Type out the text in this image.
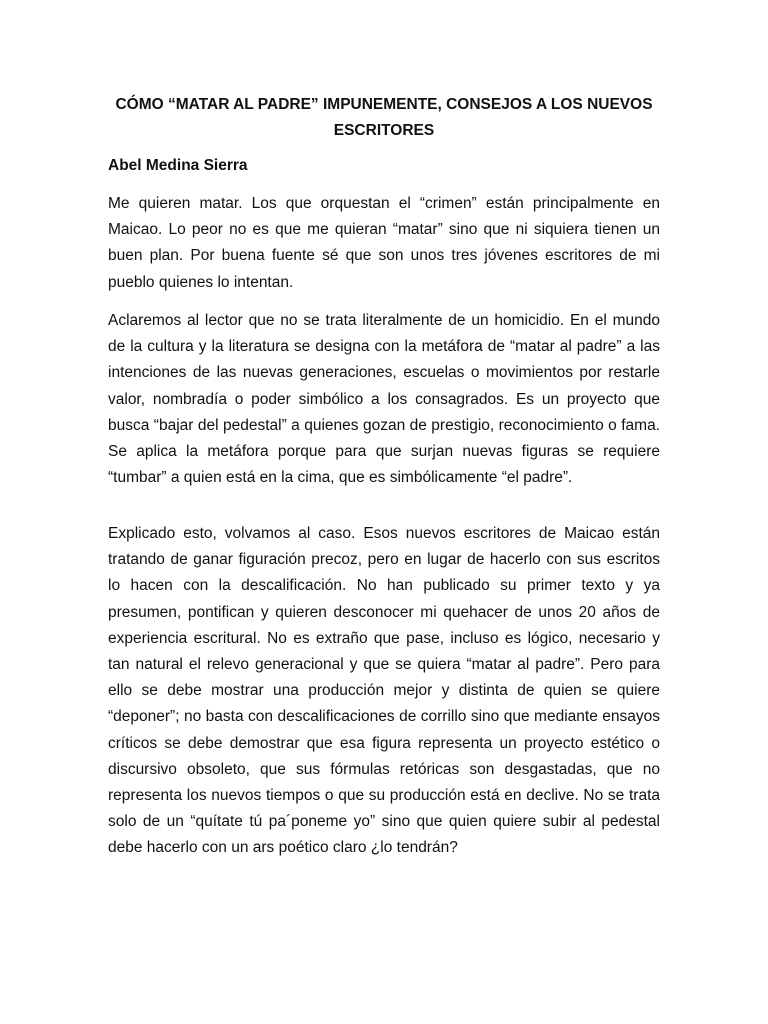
CÓMO “MATAR AL PADRE” IMPUNEMENTE, CONSEJOS A LOS NUEVOS ESCRITORES

Abel Medina Sierra

Me quieren matar. Los que orquestan el “crimen” están principalmente en Maicao. Lo peor no es que me quieran “matar” sino que ni siquiera tienen un buen plan. Por buena fuente sé que son unos tres jóvenes escritores de mi pueblo quienes lo intentan.

Aclaremos al lector que no se trata literalmente de un homicidio. En el mundo de la cultura y la literatura se designa con la metáfora de “matar al padre” a las intenciones de las nuevas generaciones, escuelas o movimientos por restarle valor, nombradía o poder simbólico a los consagrados. Es un proyecto que busca “bajar del pedestal” a quienes gozan de prestigio, reconocimiento o fama. Se aplica la metáfora porque para que surjan nuevas figuras se requiere “tumbar” a quien está en la cima, que es simbólicamente “el padre”.

Explicado esto, volvamos al caso. Esos nuevos escritores de Maicao están tratando de ganar figuración precoz, pero en lugar de hacerlo con sus escritos lo hacen con la descalificación. No han publicado su primer texto y ya presumen, pontifican y quieren desconocer mi quehacer de unos 20 años de experiencia escritural. No es extraño que pase, incluso es lógico, necesario y tan natural el relevo generacional y que se quiera “matar al padre”. Pero para ello se debe mostrar una producción mejor y distinta de quien se quiere “deponer”; no basta con descalificaciones de corrillo sino que mediante ensayos críticos se debe demostrar que esa figura representa un proyecto estético o discursivo obsoleto, que sus fórmulas retóricas son desgastadas, que no representa los nuevos tiempos o que su producción está en declive. No se trata solo de un “quítate tú pa´poneme yo” sino que quien quiere subir al pedestal debe hacerlo con un ars poético claro ¿lo tendrán?
